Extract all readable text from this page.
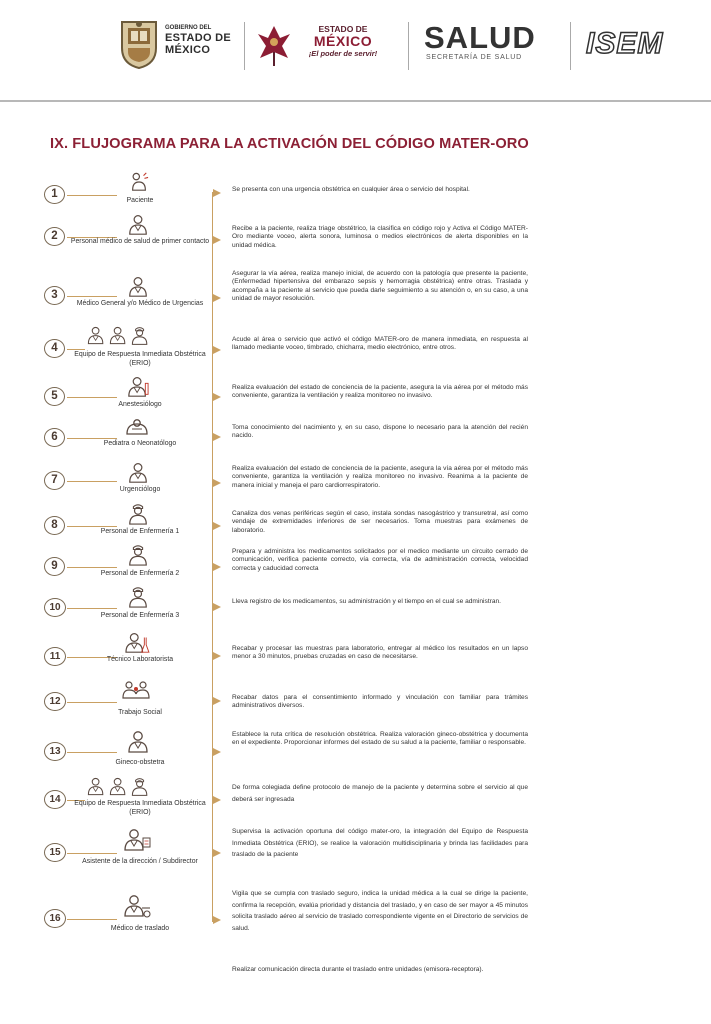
GOBIERNO DEL
ESTADO DE
MÉXICO
ESTADO DE
MÉXICO
¡El poder de servir!	SALUD
SECRETARÍA DE SALUD	ISEM
IX. FLUJOGRAMA PARA LA ACTIVACIÓN DEL CÓDIGO MATER-ORO
1
Paciente
Se presenta con una urgencia obstétrica en cualquier área o servicio del hospital.
2	Personal médico de salud de primer contacto
Recibe a la paciente, realiza triage obstétrico, la clasifica en código rojo y Activa el Código MATER-Oro mediante voceo, alerta sonora, luminosa o medios electrónicos de alerta disponibles en la unidad médica.
3
Médico General y/o Médico de Urgencias
Asegurar la vía aérea, realiza manejo inicial, de acuerdo con la patología que presente la paciente, (Enfermedad hipertensiva del embarazo sepsis y hemorragia obstétrica) entre otras. Traslada y acompaña a la paciente al servicio que pueda darle seguimiento a su atención o, en su caso, a una unidad de mayor resolución.
4
Equipo de Respuesta Inmediata Obstétrica (ERIO)
Acude al área o servicio que activó el código MATER-oro de manera inmediata, en respuesta al llamado mediante voceo, timbrado, chicharra, medio electrónico, entre otros.
5
Anestesiólogo
Realiza evaluación del estado de conciencia de la paciente, asegura la vía aérea por el método más conveniente, garantiza la ventilación y realiza monitoreo no invasivo.
6
Pediatra o Neonatólogo
Toma conocimiento del nacimiento y, en su caso, dispone lo necesario para la atención del recién nacido.
7
Urgenciólogo
Realiza evaluación del estado de conciencia de la paciente, asegura la vía aérea por el método más conveniente, garantiza la ventilación y realiza monitoreo no invasivo. Reanima a la paciente de manera inicial y maneja el paro cardiorrespiratorio.
8
Personal de Enfermería 1
Canaliza dos venas periféricas según el caso, instala sondas nasogástrico y transuretral, así como vendaje de extremidades inferiores de ser necesarios. Toma muestras para exámenes de laboratorio.
9
Personal de Enfermería 2
Prepara y administra los medicamentos solicitados por el medico mediante un circuito cerrado de comunicación, verifica paciente correcto, vía correcta, vía de administración correcta, velocidad correcta y caducidad correcta
10
Personal de Enfermería 3
Lleva registro de los medicamentos, su administración y el tiempo en el cual se administran.
11	Técnico Laboratorista
Recabar y procesar las muestras para laboratorio, entregar al médico los resultados en un lapso menor a 30 minutos, pruebas cruzadas en caso de necesitarse.
12
Trabajo Social
Recabar datos para el consentimiento informado y vinculación con familiar para trámites administrativos diversos.
13
Gineco-obstetra
Establece la ruta crítica de resolución obstétrica. Realiza valoración gineco-obstétrica y documenta en el expediente. Proporcionar informes del estado de su salud a la paciente, familiar o responsable.
14	Equipo de Respuesta Inmediata Obstétrica (ERIO)
De forma colegiada define protocolo de manejo de la paciente y determina sobre el servicio al que deberá ser ingresada
15
Asistente de la dirección / Subdirector
Supervisa la activación oportuna del código mater-oro, la integración del Equipo de Respuesta Inmediata Obstétrica (ERIO), se realice la valoración multidisciplinaria y brinda las facilidades para traslado de la paciente
16
Médico de traslado
Vigila que se cumpla con traslado seguro, indica la unidad médica a la cual se dirige la paciente, confirma la recepción, evalúa prioridad y distancia del traslado, y en caso de ser mayor a 45 minutos solicita traslado aéreo al servicio de traslado correspondiente vigente en el Directorio de servicios de salud.
Realizar comunicación directa durante el traslado entre unidades (emisora-receptora).
